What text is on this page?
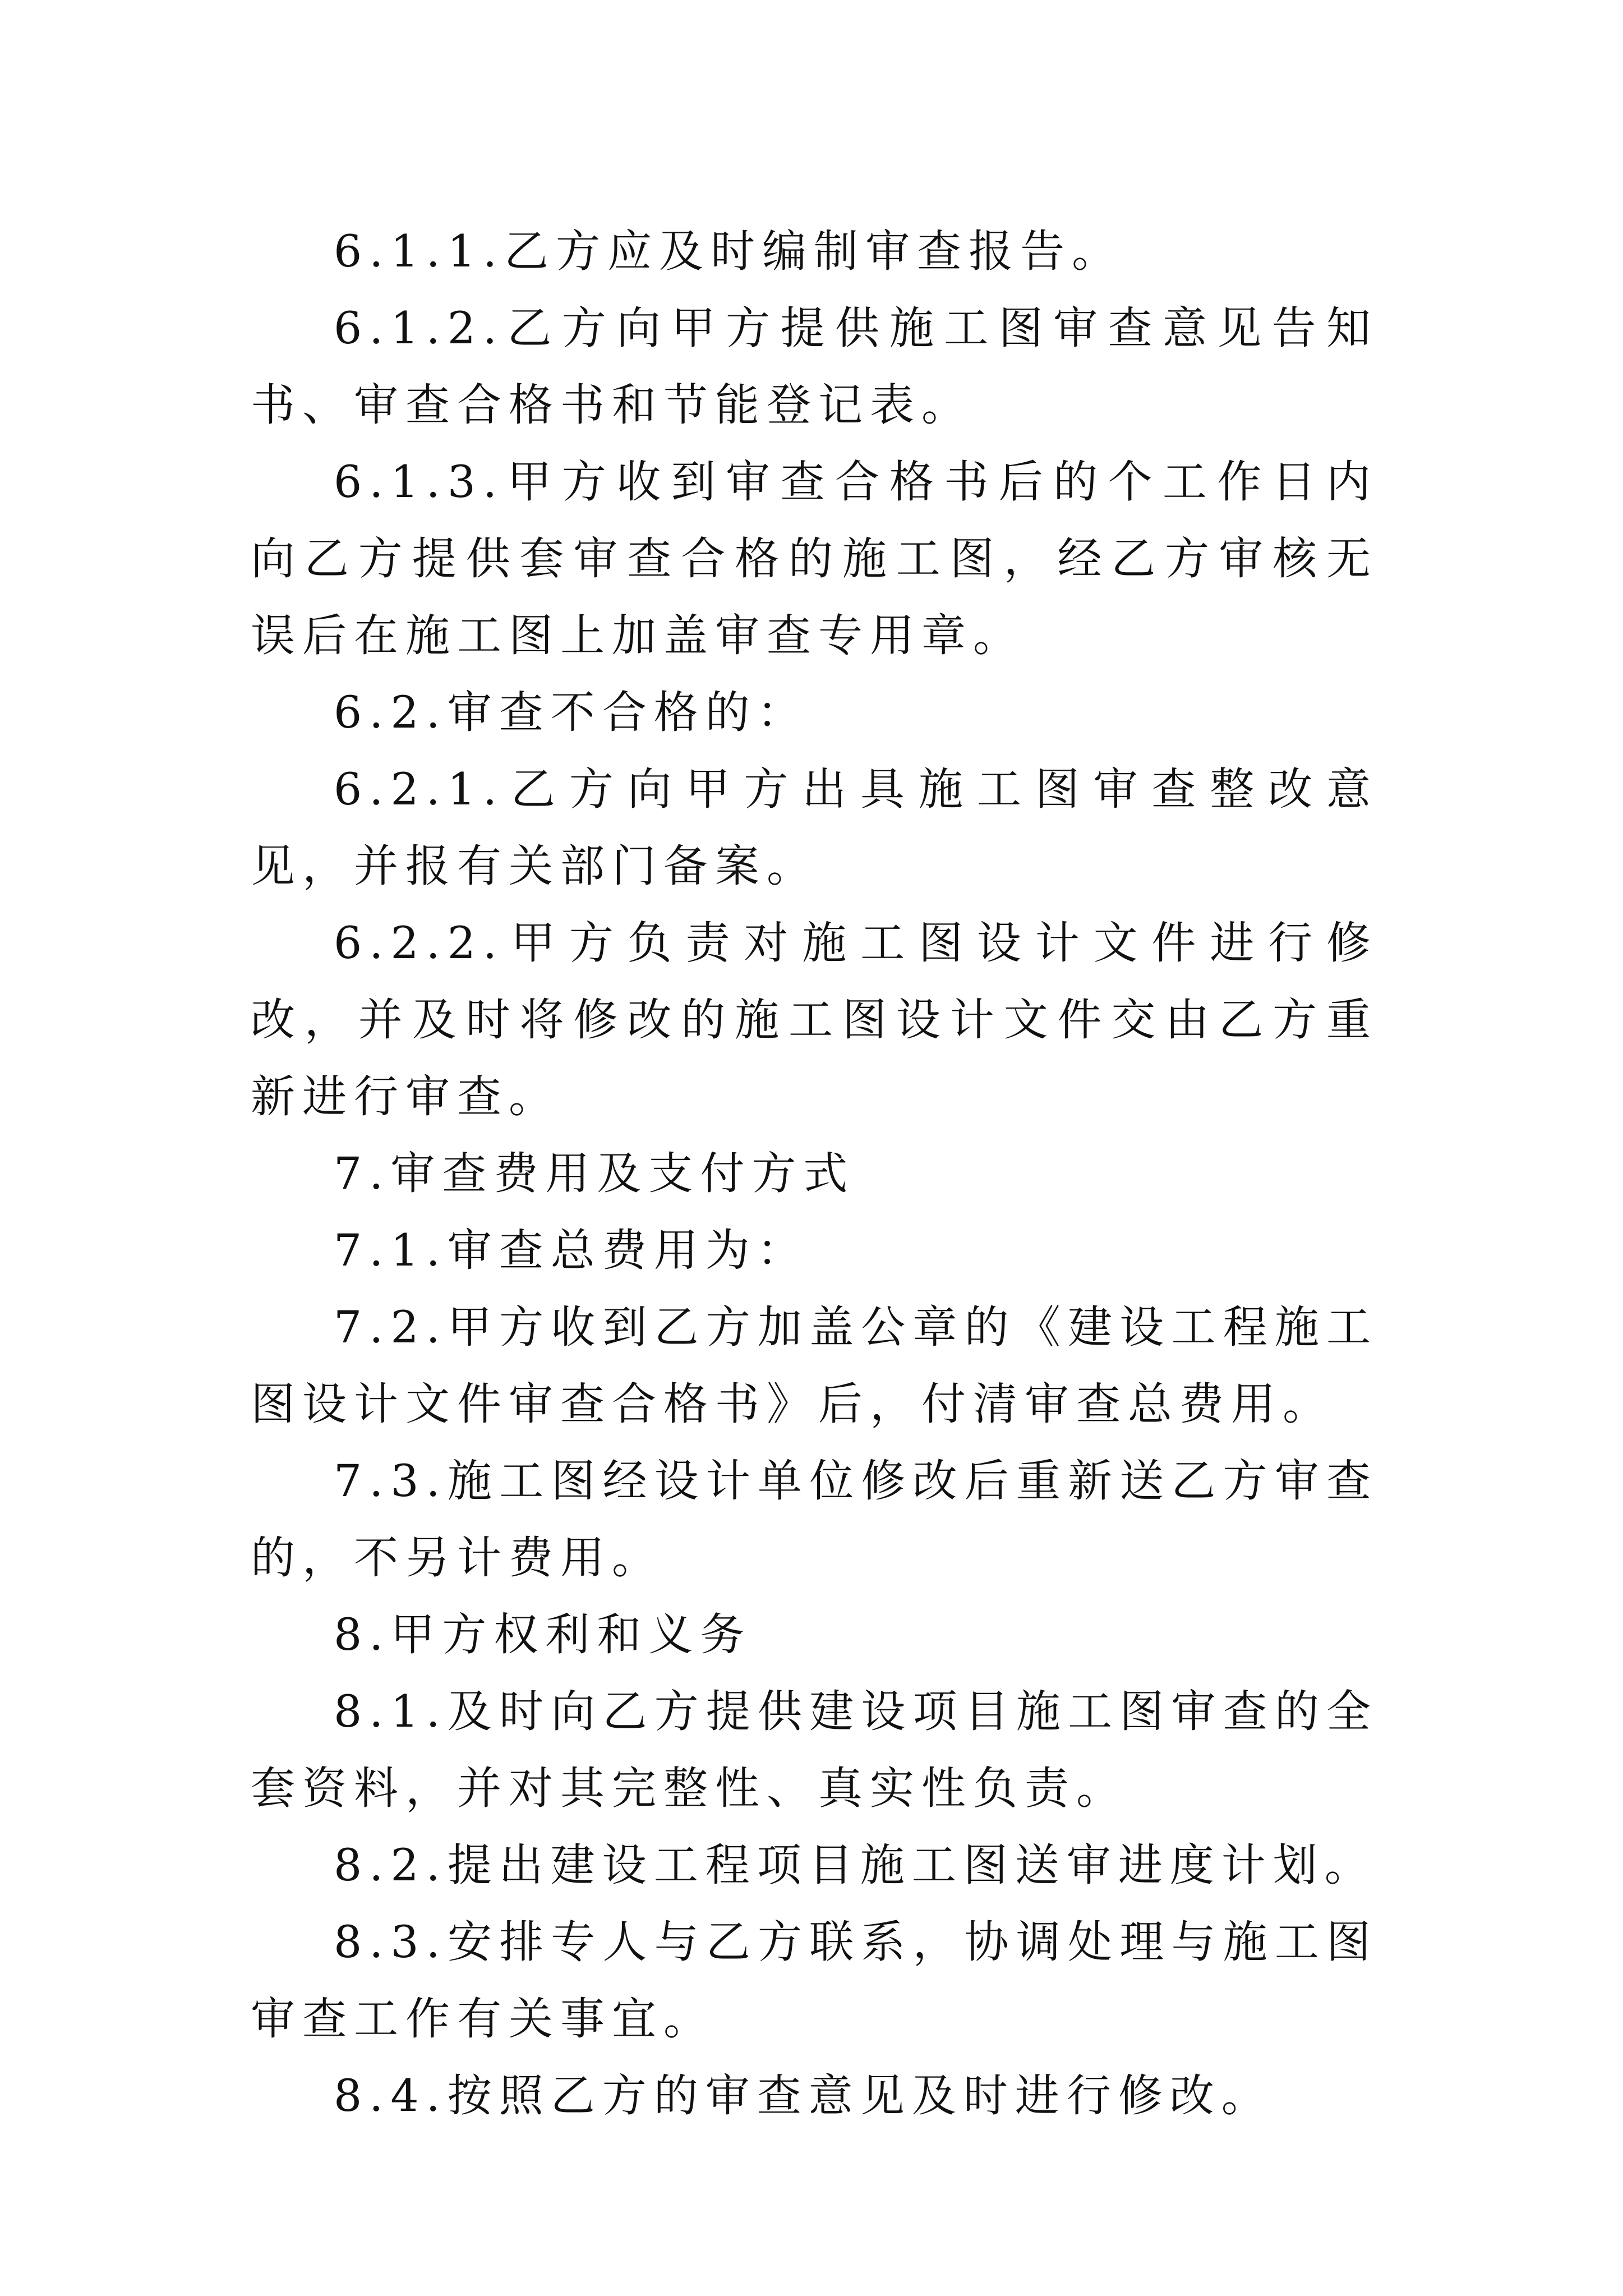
6.1.1.乙方应及时编制审查报告。

6.1.2.乙方向甲方提供施工图审查意见告知书、审查合格书和节能登记表。

6.1.3.甲方收到审查合格书后的个工作日内向乙方提供套审查合格的施工图，经乙方审核无误后在施工图上加盖审查专用章。

6.2.审查不合格的：

6.2.1.乙方向甲方出具施工图审查整改意见，并报有关部门备案。

6.2.2.甲方负责对施工图设计文件进行修改，并及时将修改的施工图设计文件交由乙方重新进行审查。

7.审查费用及支付方式

7.1.审查总费用为：

7.2.甲方收到乙方加盖公章的《建设工程施工图设计文件审查合格书》后，付清审查总费用。

7.3.施工图经设计单位修改后重新送乙方审查的，不另计费用。

8.甲方权利和义务

8.1.及时向乙方提供建设项目施工图审查的全套资料，并对其完整性、真实性负责。

8.2.提出建设工程项目施工图送审进度计划。

8.3.安排专人与乙方联系，协调处理与施工图审查工作有关事宜。

8.4.按照乙方的审查意见及时进行修改。
